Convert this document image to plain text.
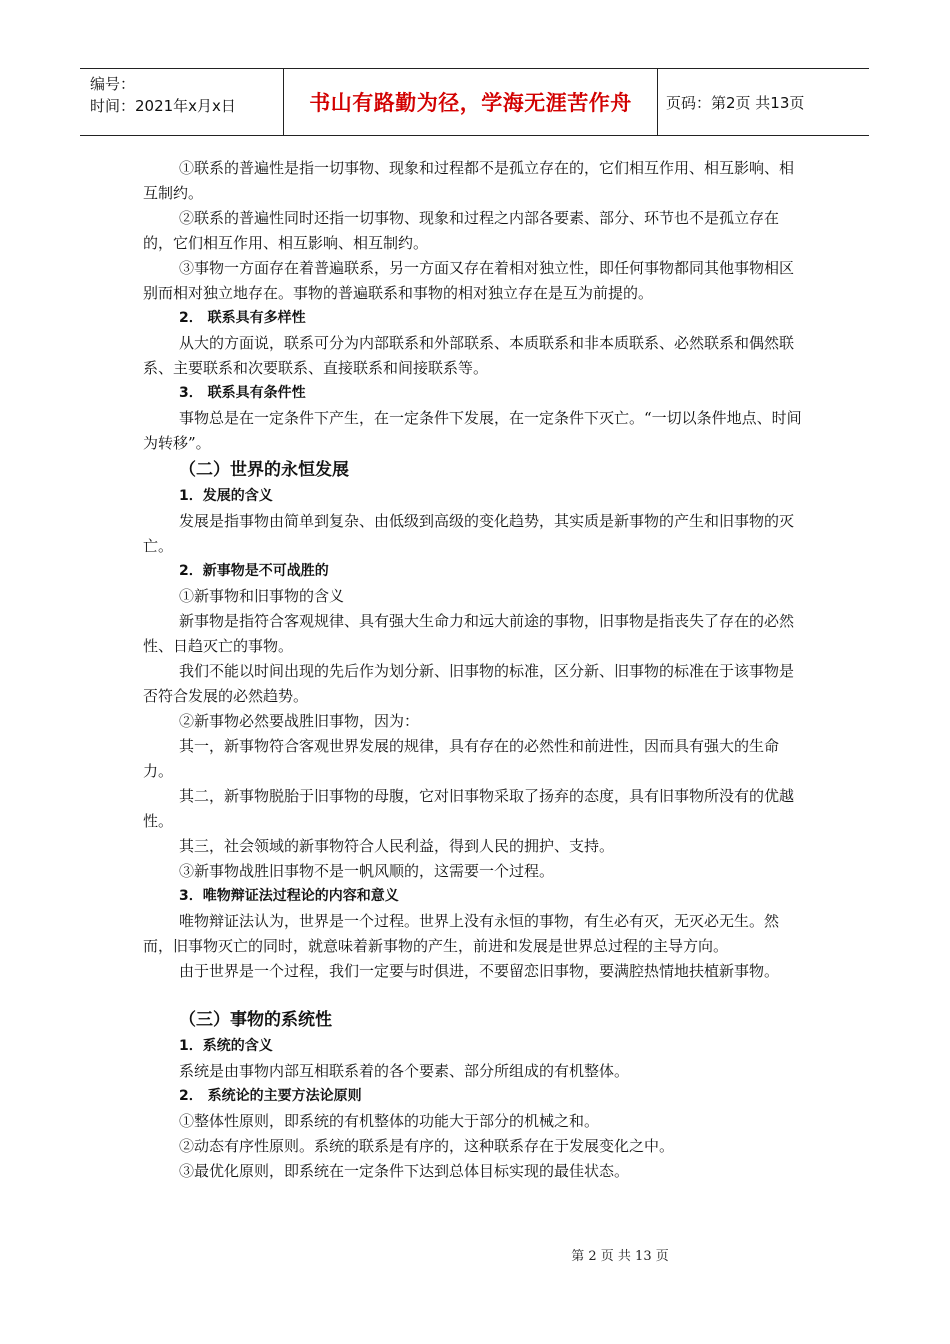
编号：
时间：2021年x月x日	书山有路勤为径，学海无涯苦作舟	页码：第2页 共13页

①联系的普遍性是指一切事物、现象和过程都不是孤立存在的，它们相互作用、相互影响、相互制约。

②联系的普遍性同时还指一切事物、现象和过程之内部各要素、部分、环节也不是孤立存在的，它们相互作用、相互影响、相互制约。

③事物一方面存在着普遍联系，另一方面又存在着相对独立性，即任何事物都同其他事物相区别而相对独立地存在。事物的普遍联系和事物的相对独立存在是互为前提的。

2． 联系具有多样性

从大的方面说，联系可分为内部联系和外部联系、本质联系和非本质联系、必然联系和偶然联系、主要联系和次要联系、直接联系和间接联系等。

3． 联系具有条件性

事物总是在一定条件下产生，在一定条件下发展，在一定条件下灭亡。“一切以条件地点、时间为转移”。

（二）世界的永恒发展

1．发展的含义

发展是指事物由简单到复杂、由低级到高级的变化趋势，其实质是新事物的产生和旧事物的灭亡。

2．新事物是不可战胜的

①新事物和旧事物的含义

新事物是指符合客观规律、具有强大生命力和远大前途的事物，旧事物是指丧失了存在的必然性、日趋灭亡的事物。

我们不能以时间出现的先后作为划分新、旧事物的标准，区分新、旧事物的标准在于该事物是否符合发展的必然趋势。

②新事物必然要战胜旧事物，因为：

其一，新事物符合客观世界发展的规律，具有存在的必然性和前进性，因而具有强大的生命力。

其二，新事物脱胎于旧事物的母腹，它对旧事物采取了扬弃的态度，具有旧事物所没有的优越性。

其三，社会领域的新事物符合人民利益，得到人民的拥护、支持。

③新事物战胜旧事物不是一帆风顺的，这需要一个过程。

3．唯物辩证法过程论的内容和意义

唯物辩证法认为，世界是一个过程。世界上没有永恒的事物，有生必有灭，无灭必无生。然而，旧事物灭亡的同时，就意味着新事物的产生，前进和发展是世界总过程的主导方向。

由于世界是一个过程，我们一定要与时俱进，不要留恋旧事物，要满腔热情地扶植新事物。

（三）事物的系统性

1．系统的含义

系统是由事物内部互相联系着的各个要素、部分所组成的有机整体。

2． 系统论的主要方法论原则

①整体性原则，即系统的有机整体的功能大于部分的机械之和。

②动态有序性原则。系统的联系是有序的，这种联系存在于发展变化之中。

③最优化原则，即系统在一定条件下达到总体目标实现的最佳状态。

第 2 页 共 13 页
